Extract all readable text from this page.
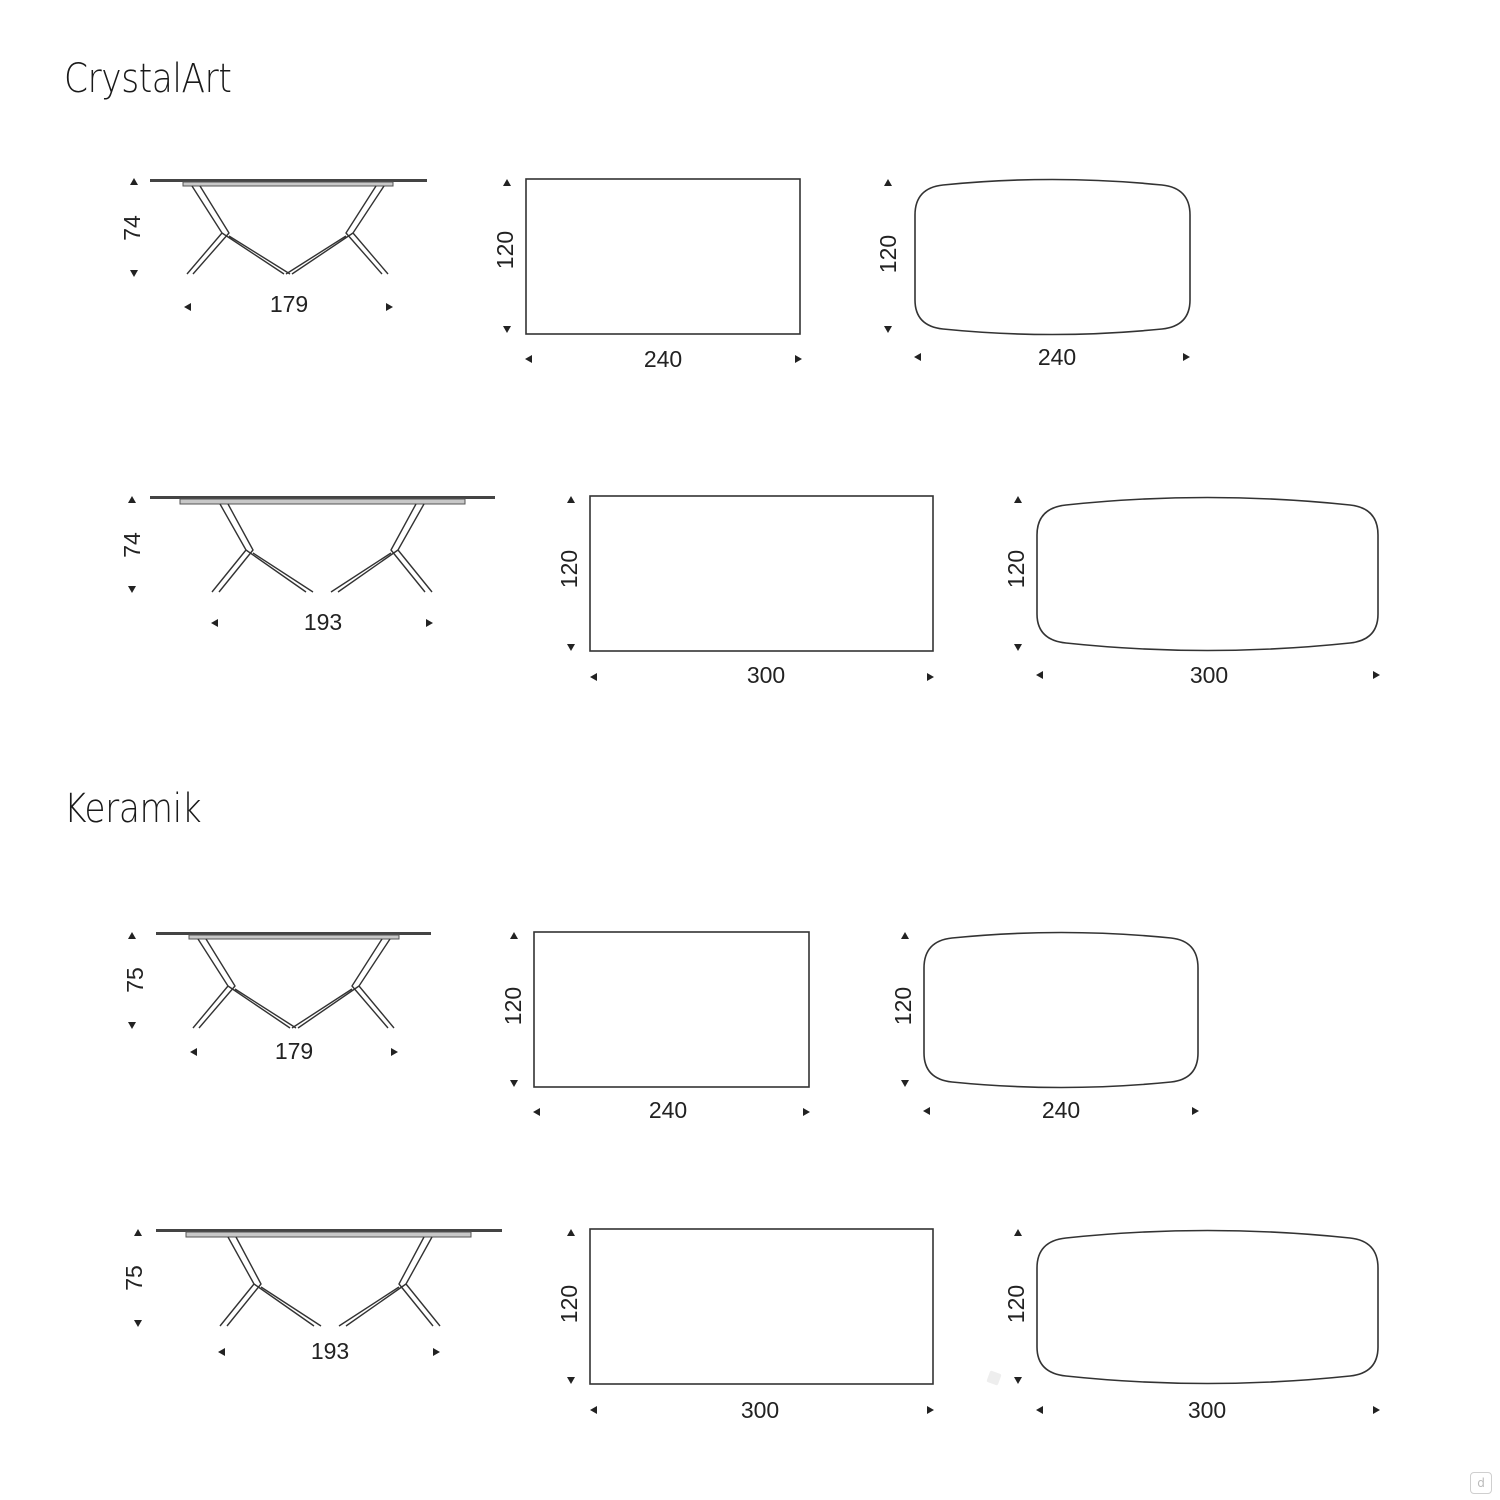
CrystalArt
Keramik
74
179
120
240
120
240
74
193
120
300
120
300
75
179
120
240
120
240
75
193
120
300
120
300
d
